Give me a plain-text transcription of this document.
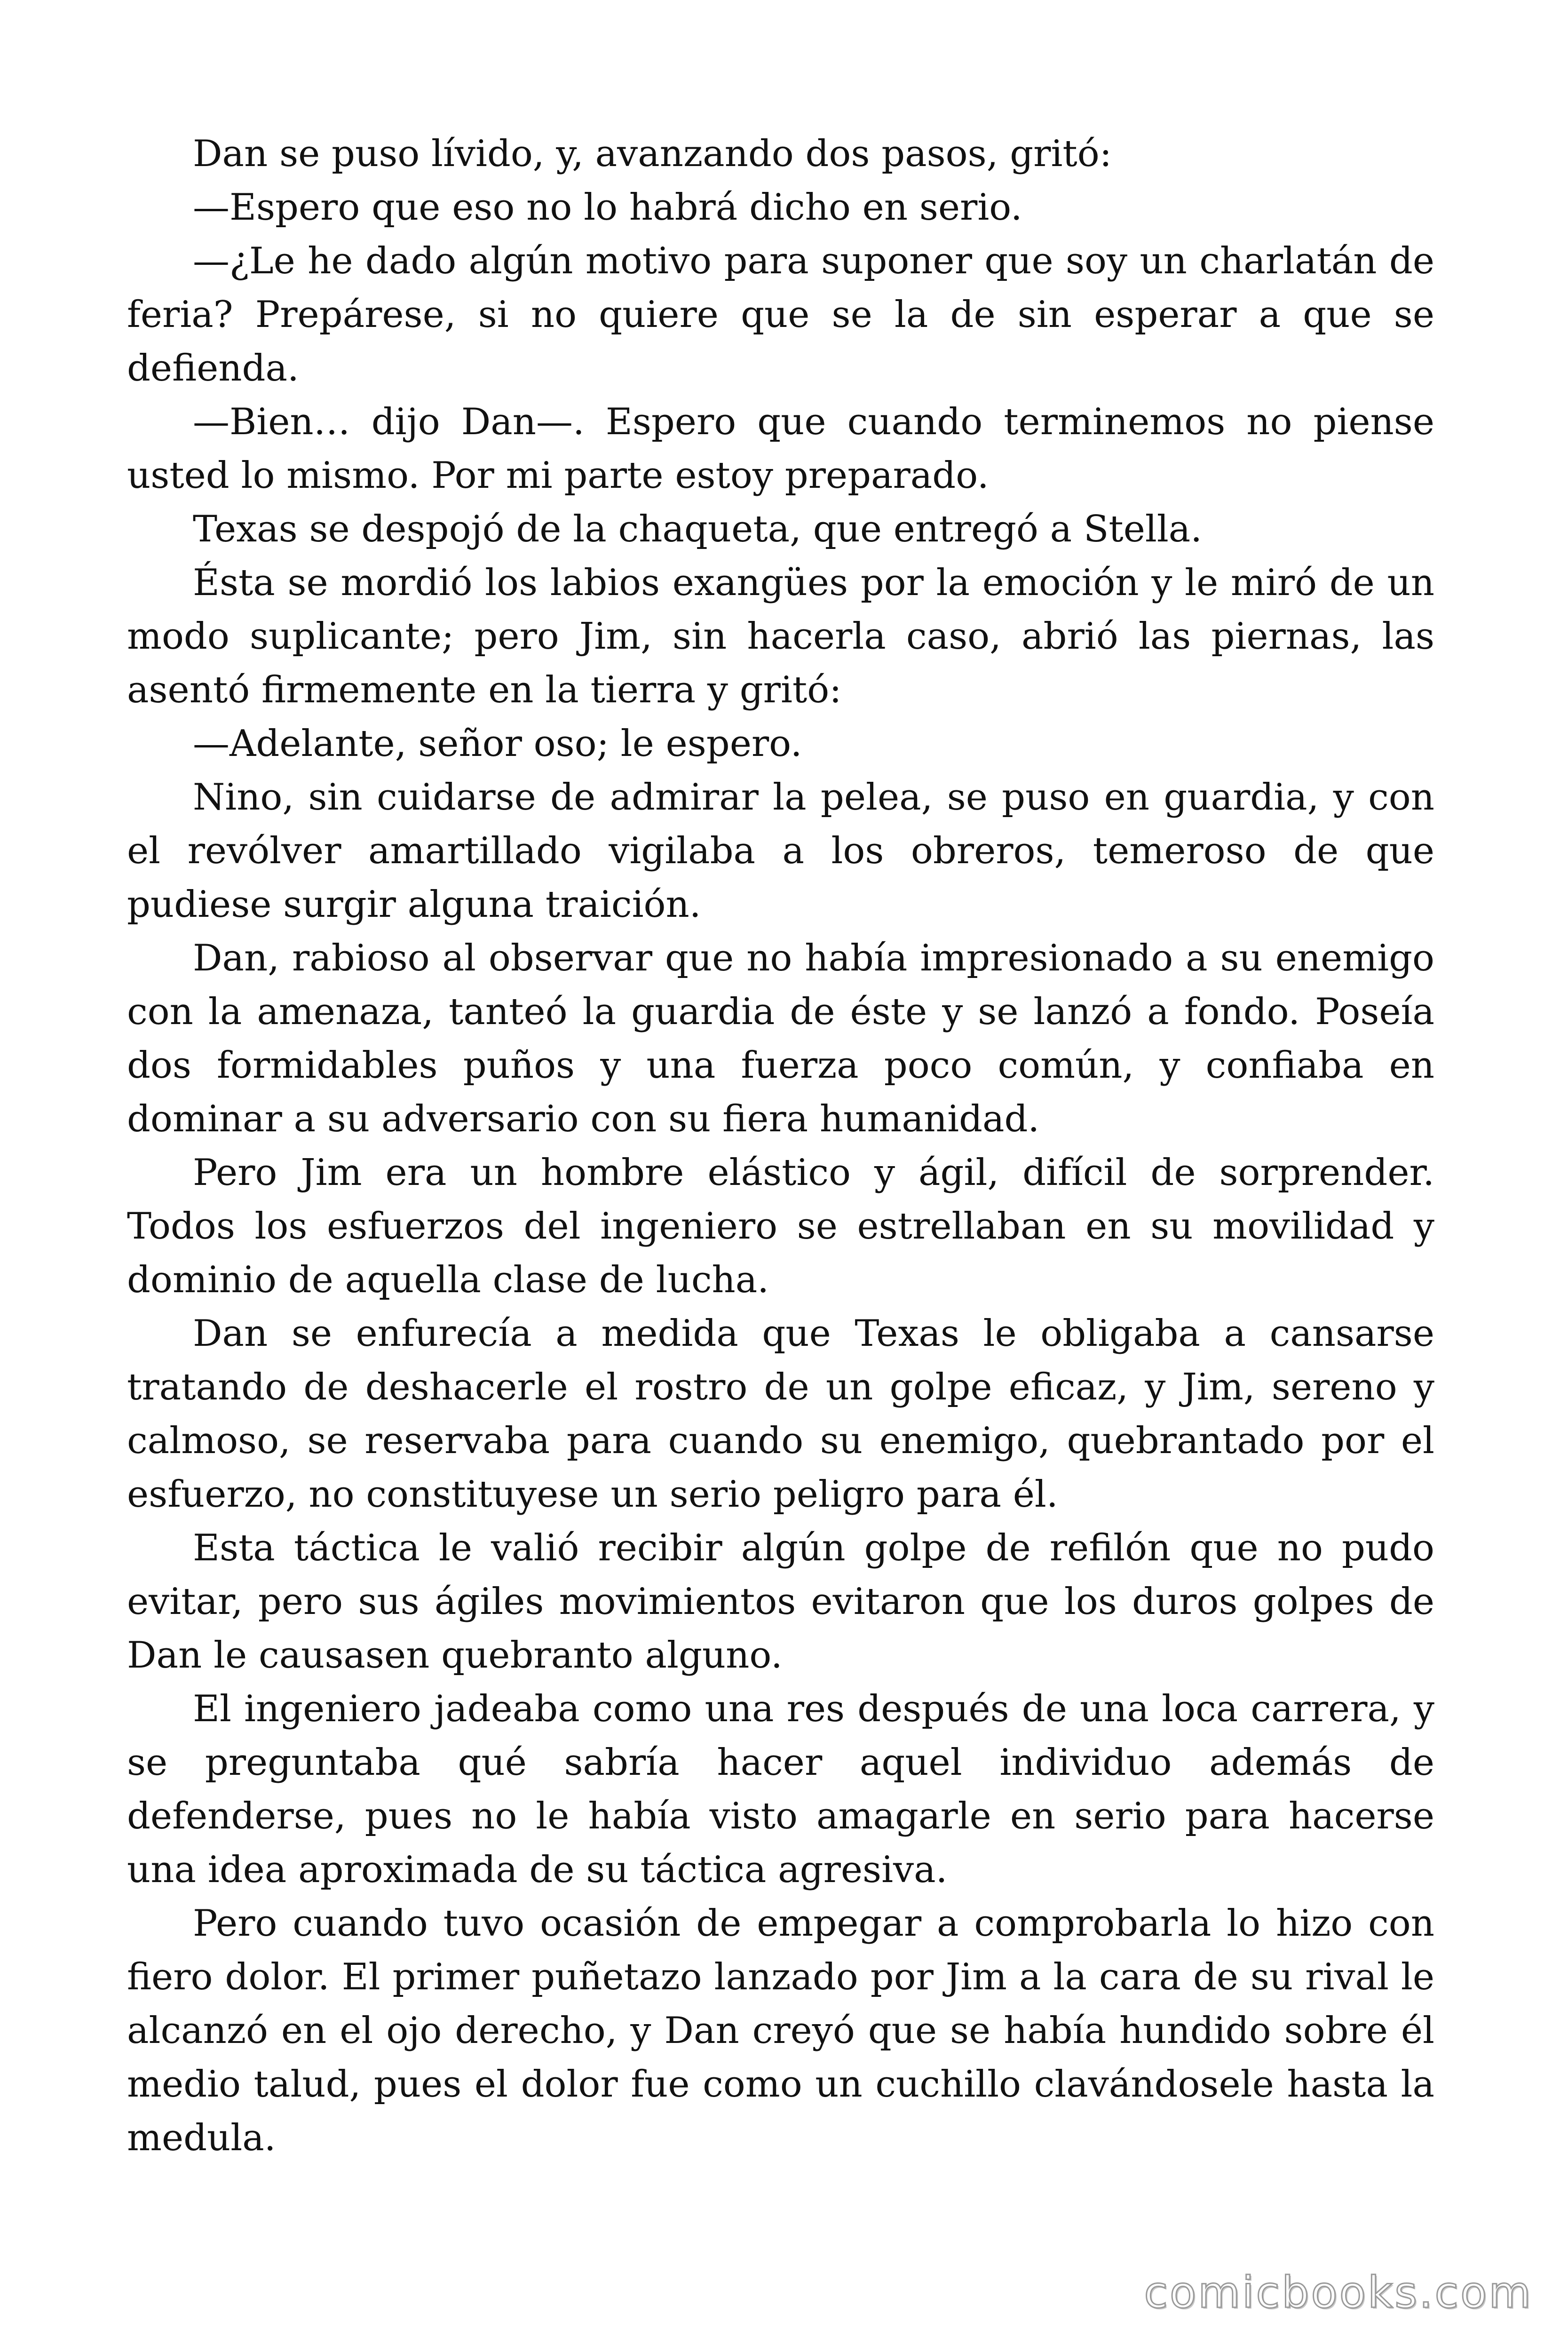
Dan se puso lívido, y, avanzando dos pasos, gritó:

—Espero que eso no lo habrá dicho en serio.

—¿Le he dado algún motivo para suponer que soy un charlatán de feria? Prepárese, si no quiere que se la de sin esperar a que se defienda.

—Bien… dijo Dan—. Espero que cuando terminemos no piense usted lo mismo. Por mi parte estoy preparado.

Texas se despojó de la chaqueta, que entregó a Stella.

Ésta se mordió los labios exangües por la emoción y le miró de un modo suplicante; pero Jim, sin hacerla caso, abrió las piernas, las asentó firmemente en la tierra y gritó:

—Adelante, señor oso; le espero.

Nino, sin cuidarse de admirar la pelea, se puso en guardia, y con el revólver amartillado vigilaba a los obreros, temeroso de que pudiese surgir alguna traición.

Dan, rabioso al observar que no había impresionado a su enemigo con la amenaza, tanteó la guardia de éste y se lanzó a fondo. Poseía dos formidables puños y una fuerza poco común, y confiaba en dominar a su adversario con su fiera humanidad.

Pero Jim era un hombre elástico y ágil, difícil de sorprender. Todos los esfuerzos del ingeniero se estrellaban en su movilidad y dominio de aquella clase de lucha.

Dan se enfurecía a medida que Texas le obligaba a cansarse tratando de deshacerle el rostro de un golpe eficaz, y Jim, sereno y calmoso, se reservaba para cuando su enemigo, quebrantado por el esfuerzo, no constituyese un serio peligro para él.

Esta táctica le valió recibir algún golpe de refilón que no pudo evitar, pero sus ágiles movimientos evitaron que los duros golpes de Dan le causasen quebranto alguno.

El ingeniero jadeaba como una res después de una loca carrera, y se preguntaba qué sabría hacer aquel individuo además de defenderse, pues no le había visto amagarle en serio para hacerse una idea aproximada de su táctica agresiva.

Pero cuando tuvo ocasión de empegar a comprobarla lo hizo con fiero dolor. El primer puñetazo lanzado por Jim a la cara de su rival le alcanzó en el ojo derecho, y Dan creyó que se había hundido sobre él medio talud, pues el dolor fue como un cuchillo clavándosele hasta la medula.

comicbooks.com
